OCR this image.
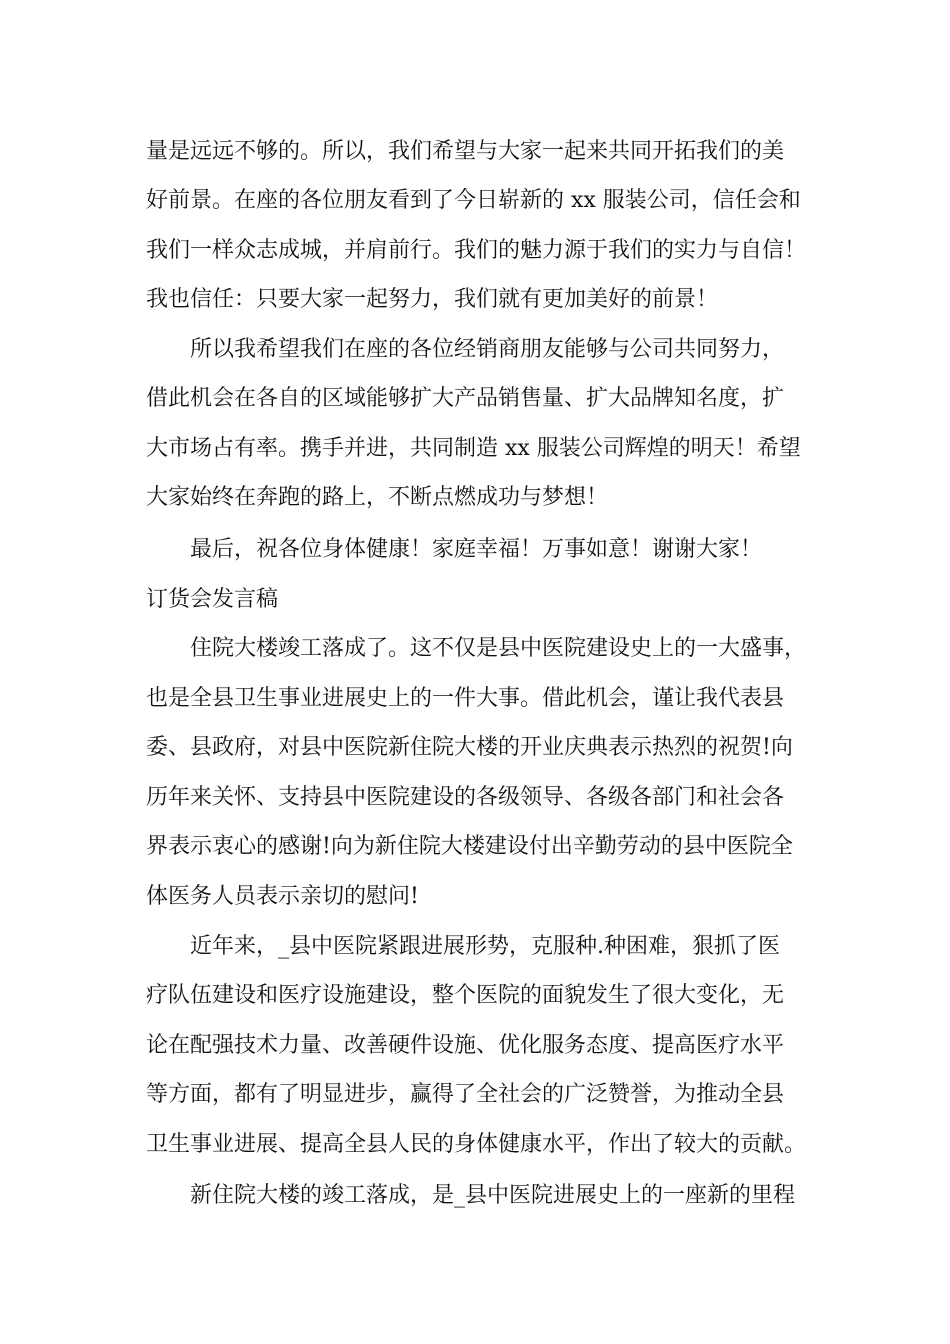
量是远远不够的。所以，我们希望与大家一起来共同开拓我们的美
好前景。在座的各位朋友看到了今日崭新的 xx 服装公司，信任会和
我们一样众志成城，并肩前行。我们的魅力源于我们的实力与自信！
我也信任：只要大家一起努力，我们就有更加美好的前景！
所以我希望我们在座的各位经销商朋友能够与公司共同努力，
借此机会在各自的区域能够扩大产品销售量、扩大品牌知名度，扩
大市场占有率。携手并进，共同制造 xx 服装公司辉煌的明天！希望
大家始终在奔跑的路上，不断点燃成功与梦想！
最后，祝各位身体健康！家庭幸福！万事如意！谢谢大家！
订货会发言稿
住院大楼竣工落成了。这不仅是县中医院建设史上的一大盛事，
也是全县卫生事业进展史上的一件大事。借此机会，谨让我代表县
委、县政府，对县中医院新住院大楼的开业庆典表示热烈的祝贺!向
历年来关怀、支持县中医院建设的各级领导、各级各部门和社会各
界表示衷心的感谢!向为新住院大楼建设付出辛勤劳动的县中医院全
体医务人员表示亲切的慰问!
近年来，_县中医院紧跟进展形势，克服种.种困难，狠抓了医
疗队伍建设和医疗设施建设，整个医院的面貌发生了很大变化，无
论在配强技术力量、改善硬件设施、优化服务态度、提高医疗水平
等方面，都有了明显进步，赢得了全社会的广泛赞誉，为推动全县
卫生事业进展、提高全县人民的身体健康水平，作出了较大的贡献。
新住院大楼的竣工落成，是_县中医院进展史上的一座新的里程
